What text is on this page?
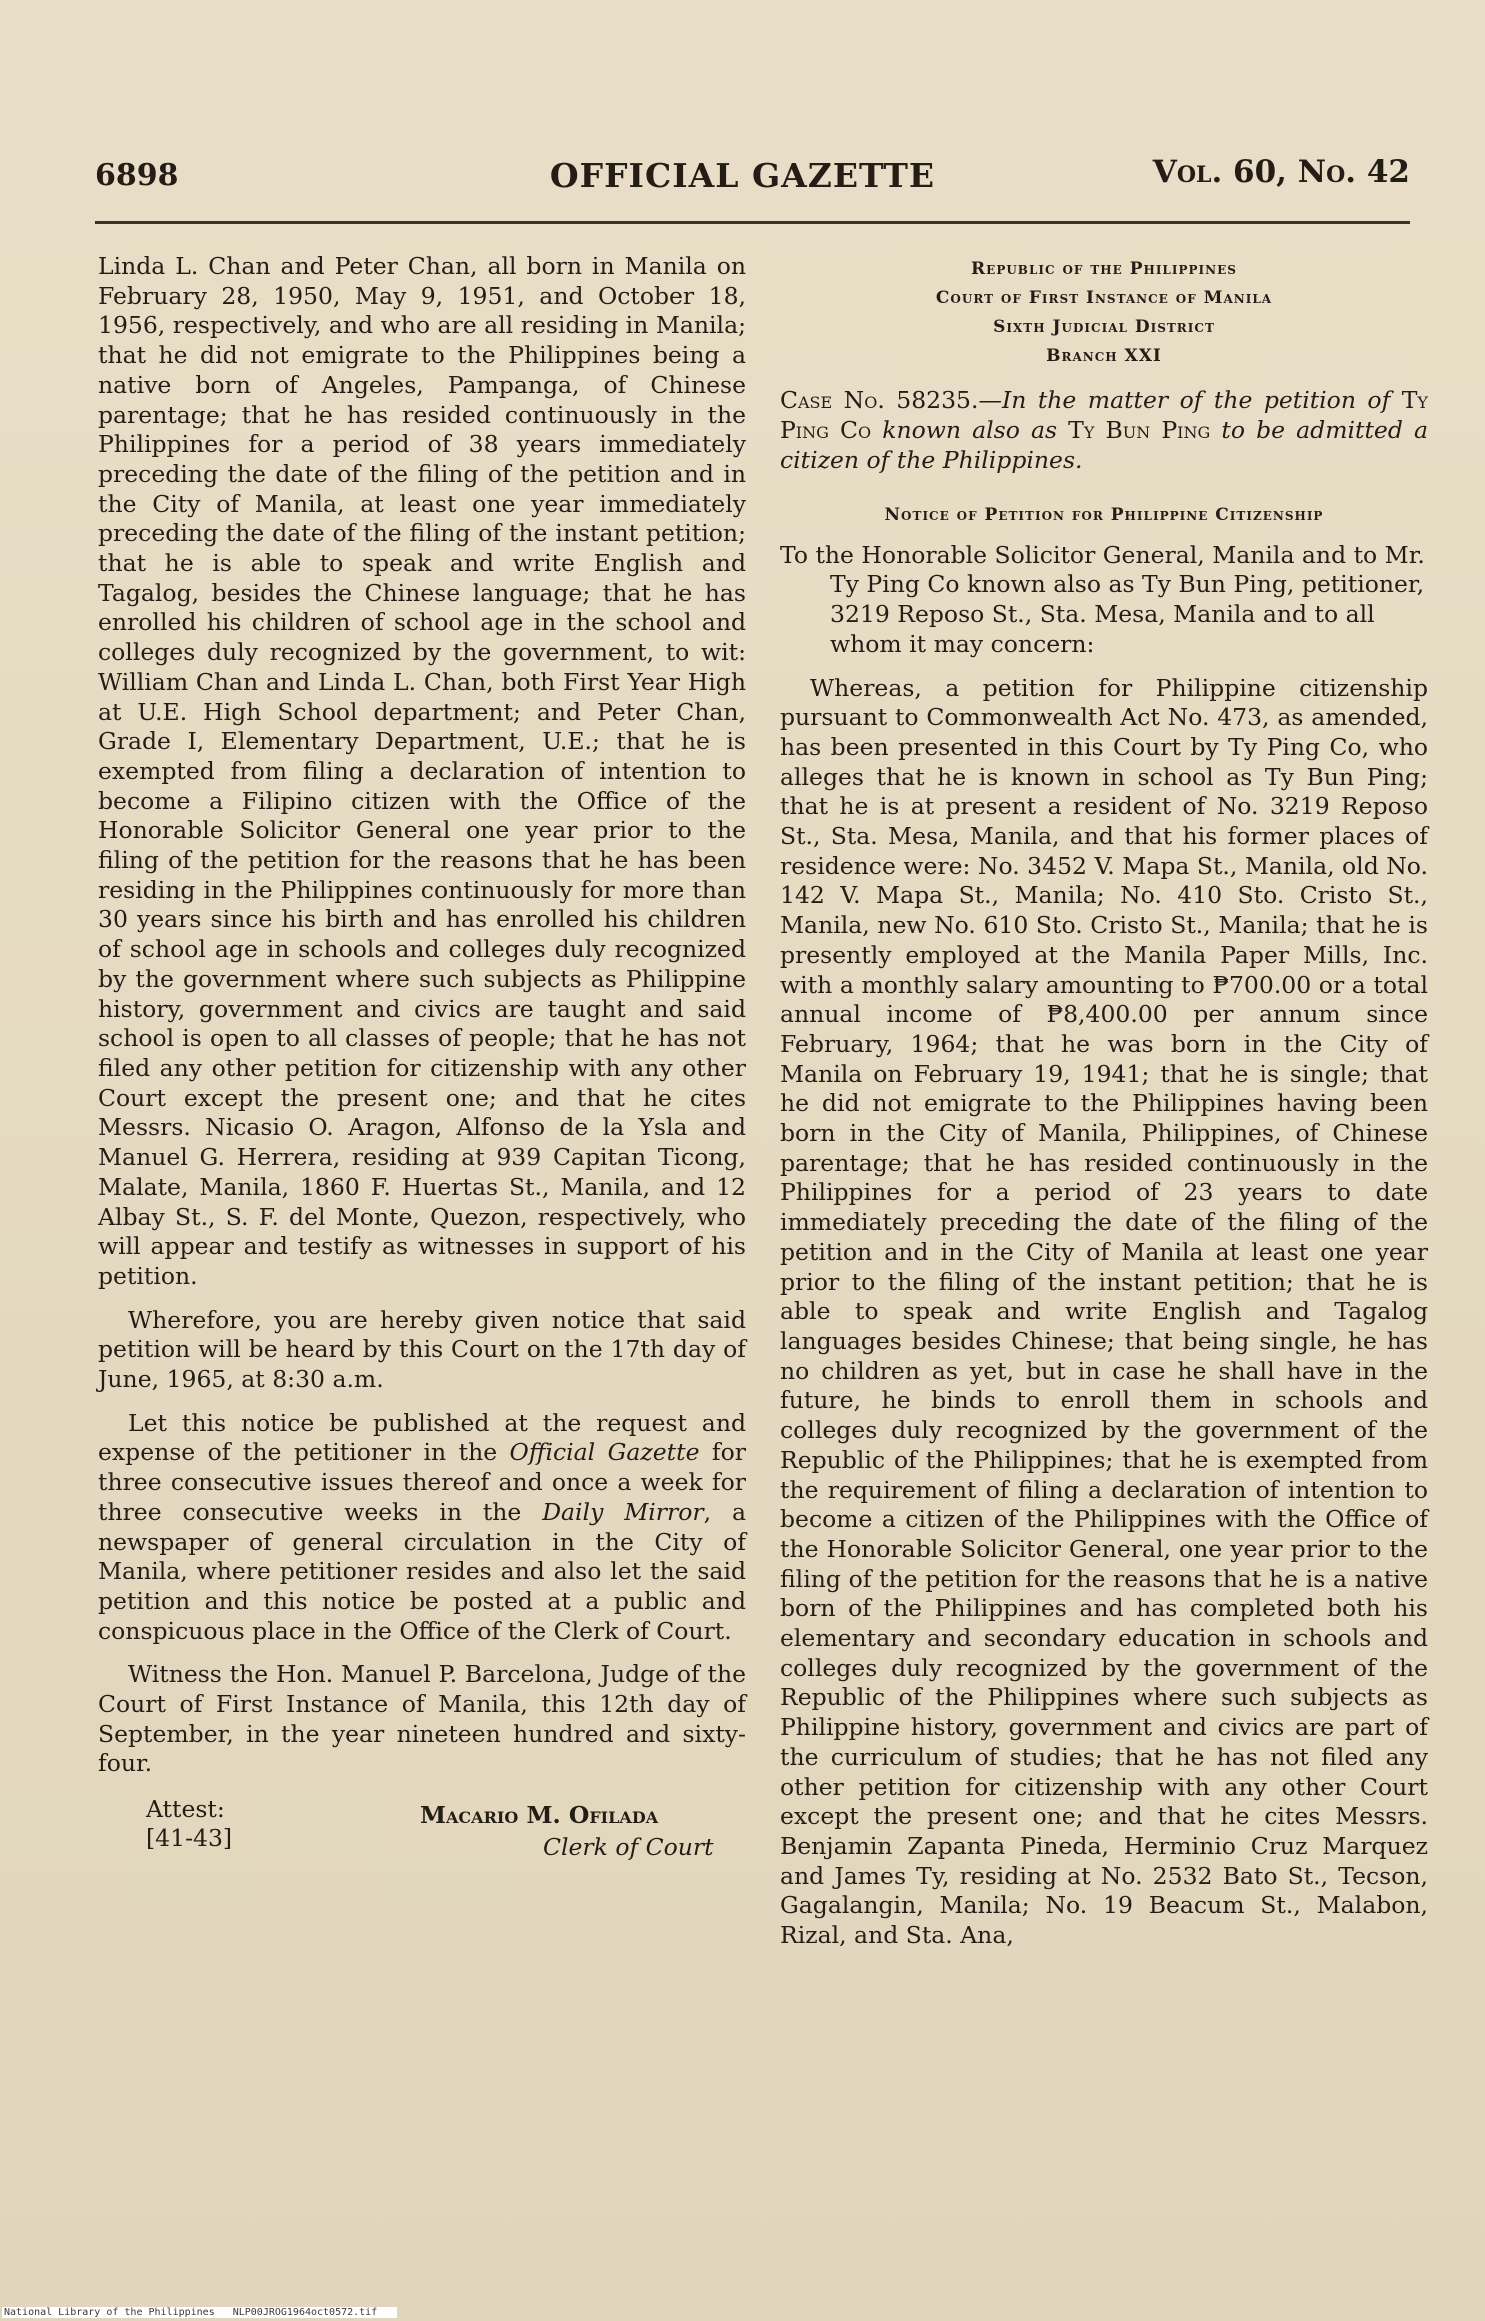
6898	OFFICIAL GAZETTE	Vol. 60, No. 42

Linda L. Chan and Peter Chan, all born in Manila on February 28, 1950, May 9, 1951, and October 18, 1956, respectively, and who are all residing in Manila; that he did not emigrate to the Philippines being a native born of Angeles, Pampanga, of Chinese parentage; that he has resided continuously in the Philippines for a period of 38 years immediately preceding the date of the filing of the petition and in the City of Manila, at least one year immediately preceding the date of the filing of the instant petition; that he is able to speak and write English and Tagalog, besides the Chinese language; that he has enrolled his children of school age in the school and colleges duly recognized by the government, to wit: William Chan and Linda L. Chan, both First Year High at U.E. High School department; and Peter Chan, Grade I, Elementary Department, U.E.; that he is exempted from filing a declaration of intention to become a Filipino citizen with the Office of the Honorable Solicitor General one year prior to the filing of the petition for the reasons that he has been residing in the Philippines continuously for more than 30 years since his birth and has enrolled his children of school age in schools and colleges duly recognized by the government where such subjects as Philippine history, government and civics are taught and said school is open to all classes of people; that he has not filed any other petition for citizenship with any other Court except the present one; and that he cites Messrs. Nicasio O. Aragon, Alfonso de la Ysla and Manuel G. Herrera, residing at 939 Capitan Ticong, Malate, Manila, 1860 F. Huertas St., Manila, and 12 Albay St., S. F. del Monte, Quezon, respectively, who will appear and testify as witnesses in support of his petition.

Wherefore, you are hereby given notice that said petition will be heard by this Court on the 17th day of June, 1965, at 8:30 a.m.

Let this notice be published at the request and expense of the petitioner in the Official Gazette for three consecutive issues thereof and once a week for three consecutive weeks in the Daily Mirror, a newspaper of general circulation in the City of Manila, where petitioner resides and also let the said petition and this notice be posted at a public and conspicuous place in the Office of the Clerk of Court.

Witness the Hon. Manuel P. Barcelona, Judge of the Court of First Instance of Manila, this 12th day of September, in the year nineteen hundred and sixty-four.

Attest:
[41-43]
Macario M. Ofilada
Clerk of Court
Republic of the Philippines
Court of First Instance of Manila
Sixth Judicial District
Branch XXI

Case No. 58235.—In the matter of the petition of Ty Ping Co known also as Ty Bun Ping to be admitted a citizen of the Philippines.

Notice of Petition for Philippine Citizenship

To the Honorable Solicitor General, Manila and to Mr. Ty Ping Co known also as Ty Bun Ping, petitioner, 3219 Reposo St., Sta. Mesa, Manila and to all whom it may concern:

Whereas, a petition for Philippine citizenship pursuant to Commonwealth Act No. 473, as amended, has been presented in this Court by Ty Ping Co, who alleges that he is known in school as Ty Bun Ping; that he is at present a resident of No. 3219 Reposo St., Sta. Mesa, Manila, and that his former places of residence were: No. 3452 V. Mapa St., Manila, old No. 142 V. Mapa St., Manila; No. 410 Sto. Cristo St., Manila, new No. 610 Sto. Cristo St., Manila; that he is presently employed at the Manila Paper Mills, Inc. with a monthly salary amounting to ₱700.00 or a total annual income of ₱8,400.00 per annum since February, 1964; that he was born in the City of Manila on February 19, 1941; that he is single; that he did not emigrate to the Philippines having been born in the City of Manila, Philippines, of Chinese parentage; that he has resided continuously in the Philippines for a period of 23 years to date immediately preceding the date of the filing of the petition and in the City of Manila at least one year prior to the filing of the instant petition; that he is able to speak and write English and Tagalog languages besides Chinese; that being single, he has no children as yet, but in case he shall have in the future, he binds to enroll them in schools and colleges duly recognized by the government of the Republic of the Philippines; that he is exempted from the requirement of filing a declaration of intention to become a citizen of the Philippines with the Office of the Honorable Solicitor General, one year prior to the filing of the petition for the reasons that he is a native born of the Philippines and has completed both his elementary and secondary education in schools and colleges duly recognized by the government of the Republic of the Philippines where such subjects as Philippine history, government and civics are part of the curriculum of studies; that he has not filed any other petition for citizenship with any other Court except the present one; and that he cites Messrs. Benjamin Zapanta Pineda, Herminio Cruz Marquez and James Ty, residing at No. 2532 Bato St., Tecson, Gagalangin, Manila; No. 19 Beacum St., Malabon, Rizal, and Sta. Ana,

National Library of the Philippines NLP00JROG1964oct0572.tif
